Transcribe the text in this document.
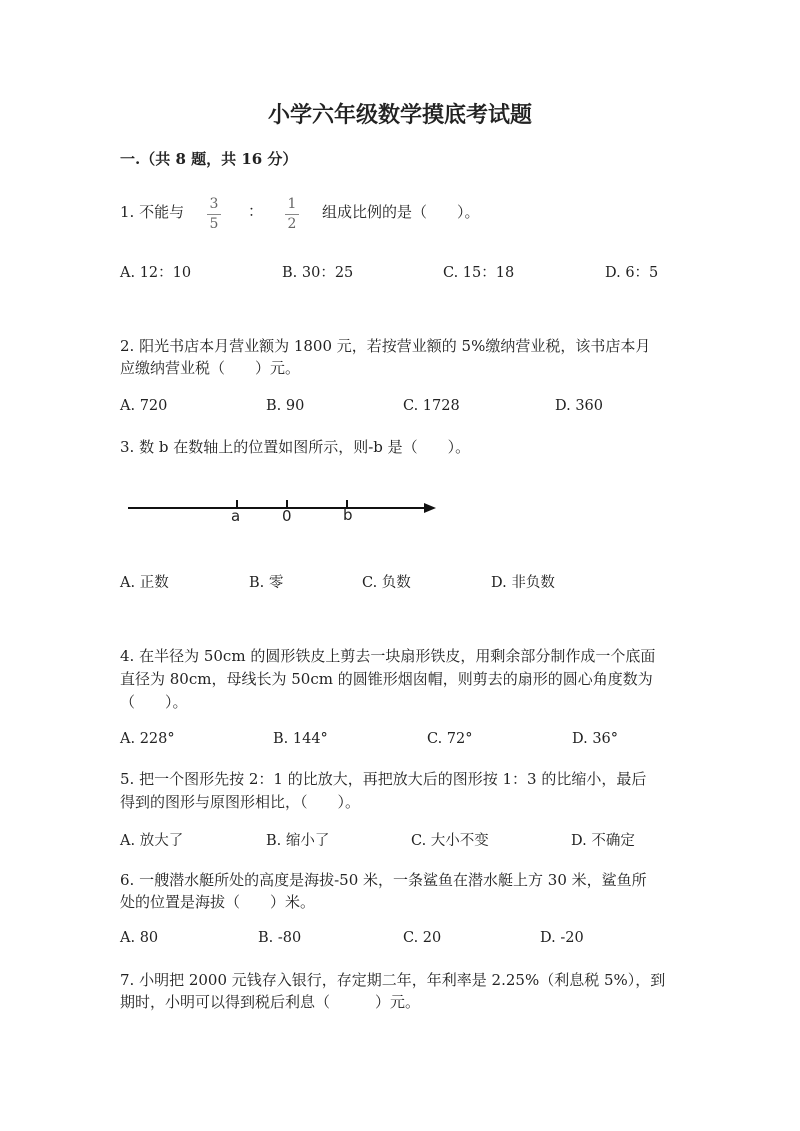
小学六年级数学摸底考试题
一.（共 8 题，共 16 分）
1. 不能与 3
5
： 1
2
组成比例的是（　　）。
A. 12：10	B. 30：25	C. 15：18	D. 6：5
2. 阳光书店本月营业额为 1800 元，若按营业额的 5%缴纳营业税，该书店本月
应缴纳营业税（　　）元。
A. 720	B. 90	C. 1728	D. 360
3. 数 b 在数轴上的位置如图所示，则-b 是（　　）。
a	0	b
A. 正数	B. 零	C. 负数	D. 非负数
4. 在半径为 50cm 的圆形铁皮上剪去一块扇形铁皮，用剩余部分制作成一个底面
直径为 80cm，母线长为 50cm 的圆锥形烟囱帽，则剪去的扇形的圆心角度数为
（　　）。
A. 228°	B. 144°	C. 72°	D. 36°
5. 把一个图形先按 2：1 的比放大，再把放大后的图形按 1：3 的比缩小，最后
得到的图形与原图形相比，（　　）。
A. 放大了	B. 缩小了	C. 大小不变	D. 不确定
6. 一艘潜水艇所处的高度是海拔-50 米，一条鲨鱼在潜水艇上方 30 米，鲨鱼所
处的位置是海拔（　　）米。
A. 80	B. -80	C. 20	D. -20
7. 小明把 2000 元钱存入银行，存定期二年，年利率是 2.25%（利息税 5%），到
期时，小明可以得到税后利息（　　　）元。
